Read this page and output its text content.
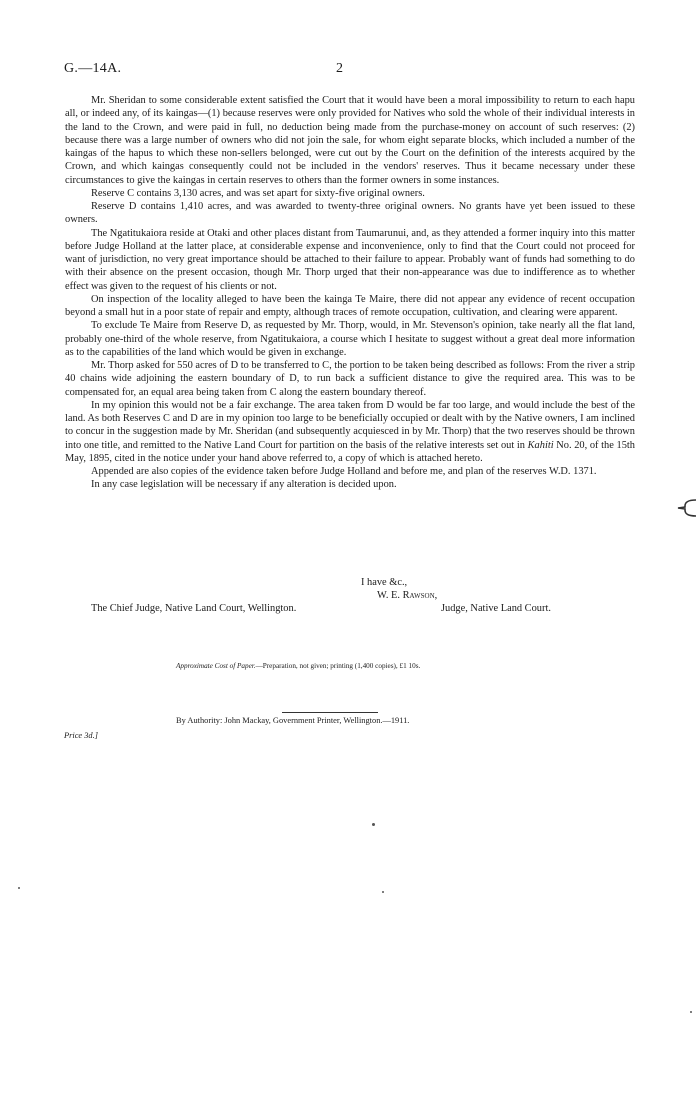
G.—14A.	2

Mr. Sheridan to some considerable extent satisfied the Court that it would have been a moral impossibility to return to each hapu all, or indeed any, of its kaingas—(1) because reserves were only provided for Natives who sold the whole of their individual interests in the land to the Crown, and were paid in full, no deduction being made from the purchase-money on account of such reserves: (2) because there was a large number of owners who did not join the sale, for whom eight separate blocks, which included a number of the kaingas of the hapus to which these non-sellers belonged, were cut out by the Court on the definition of the interests acquired by the Crown, and which kaingas consequently could not be included in the vendors' reserves. Thus it became necessary under these circumstances to give the kaingas in certain reserves to others than the former owners in some instances.

Reserve C contains 3,130 acres, and was set apart for sixty-five original owners.

Reserve D contains 1,410 acres, and was awarded to twenty-three original owners. No grants have yet been issued to these owners.

The Ngatitukaiora reside at Otaki and other places distant from Taumarunui, and, as they attended a former inquiry into this matter before Judge Holland at the latter place, at considerable expense and inconvenience, only to find that the Court could not proceed for want of jurisdiction, no very great importance should be attached to their failure to appear. Probably want of funds had something to do with their absence on the present occasion, though Mr. Thorp urged that their non-appearance was due to indifference as to whether effect was given to the request of his clients or not.

On inspection of the locality alleged to have been the kainga Te Maire, there did not appear any evidence of recent occupation beyond a small hut in a poor state of repair and empty, although traces of remote occupation, cultivation, and clearing were apparent.

To exclude Te Maire from Reserve D, as requested by Mr. Thorp, would, in Mr. Stevenson's opinion, take nearly all the flat land, probably one-third of the whole reserve, from Ngatitukaiora, a course which I hesitate to suggest without a great deal more information as to the capabilities of the land which would be given in exchange.

Mr. Thorp asked for 550 acres of D to be transferred to C, the portion to be taken being described as follows: From the river a strip 40 chains wide adjoining the eastern boundary of D, to run back a sufficient distance to give the required area. This was to be compensated for, an equal area being taken from C along the eastern boundary thereof.

In my opinion this would not be a fair exchange. The area taken from D would be far too large, and would include the best of the land. As both Reserves C and D are in my opinion too large to be beneficially occupied or dealt with by the Native owners, I am inclined to concur in the suggestion made by Mr. Sheridan (and subsequently acquiesced in by Mr. Thorp) that the two reserves should be thrown into one title, and remitted to the Native Land Court for partition on the basis of the relative interests set out in Kahiti No. 20, of the 15th May, 1895, cited in the notice under your hand above referred to, a copy of which is attached hereto.

Appended are also copies of the evidence taken before Judge Holland and before me, and plan of the reserves W.D. 1371.

In any case legislation will be necessary if any alteration is decided upon.

I have &c.,
W. E. Rawson,
The Chief Judge, Native Land Court, Wellington.	Judge, Native Land Court.
Approximate Cost of Paper.—Preparation, not given; printing (1,400 copies), £1 10s.
By Authority: John Mackay, Government Printer, Wellington.—1911.
Price 3d.]
